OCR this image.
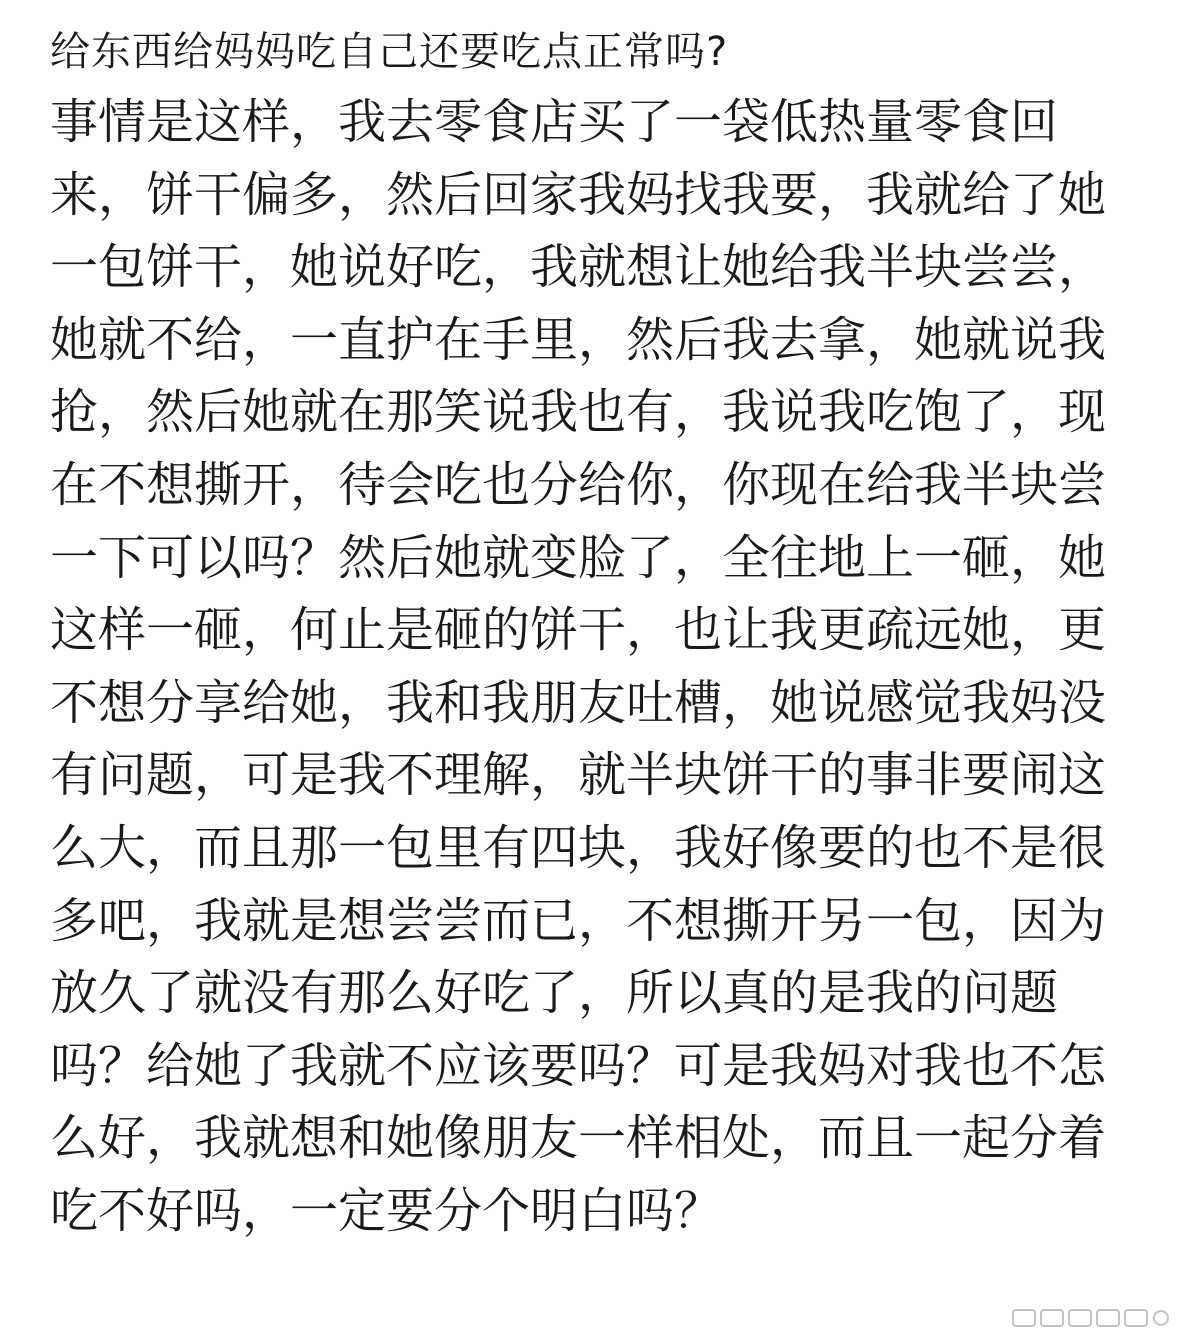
给东西给妈妈吃自己还要吃点正常吗?
事情是这样，我去零食店买了一袋低热量零食回
来，饼干偏多，然后回家我妈找我要，我就给了她
一包饼干，她说好吃，我就想让她给我半块尝尝，
她就不给，一直护在手里，然后我去拿，她就说我
抢，然后她就在那笑说我也有，我说我吃饱了，现
在不想撕开，待会吃也分给你，你现在给我半块尝
一下可以吗？然后她就变脸了，全往地上一砸，她
这样一砸，何止是砸的饼干，也让我更疏远她，更
不想分享给她，我和我朋友吐槽，她说感觉我妈没
有问题，可是我不理解，就半块饼干的事非要闹这
么大，而且那一包里有四块，我好像要的也不是很
多吧，我就是想尝尝而已，不想撕开另一包，因为
放久了就没有那么好吃了，所以真的是我的问题
吗？给她了我就不应该要吗？可是我妈对我也不怎
么好，我就想和她像朋友一样相处，而且一起分着
吃不好吗，一定要分个明白吗？
